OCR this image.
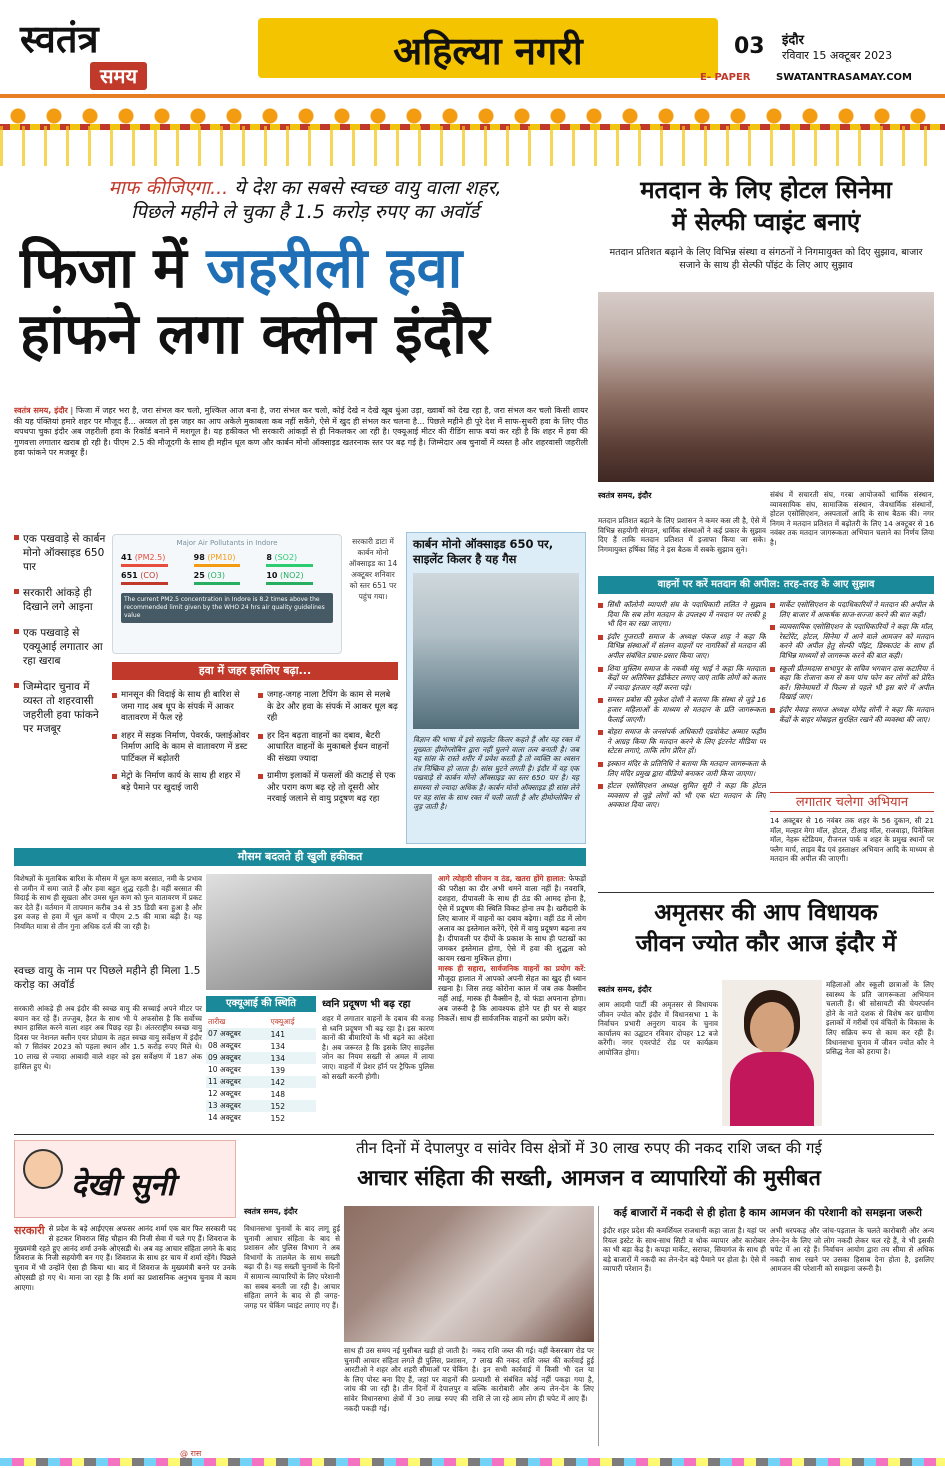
स्वतंत्र
समय
अहिल्या नगरी	03 इंदौर
रविवार 15 अक्टूबर 2023
E- PAPER	SWATANTRASAMAY.COM
माफ कीजिएगा... ये देश का सबसे स्वच्छ वायु वाला शहर,
पिछले महीने ले चुका है 1.5 करोड़ रुपए का अवॉर्ड
फिजा में जहरीली हवा
हांफने लगा क्लीन इंदौर
स्वतंत्र समय, इंदौर | फिजा में जहर भरा है, जरा संभल कर चलो, मुश्किल आज बना है, जरा संभल कर चलो, कोई देखे न देखे खूब धुंआ उड़ा, ख्वाबों को देख रहा है, जरा संभल कर चलो किसी शायर की यह पंक्तियां हमारे शहर पर मौजूद हैं... अव्वल तो इस जहर का आप अकेले मुकाबला कब नहीं सकेंगे, ऐसे में खुद ही संभल कर चलना है... पिछले महीने ही पूरे देश में साफ-सुथरी हवा के लिए पीठ थपथपा चुका इंदौर अब जहरीली हवा के रिकॉर्ड बनाने में मशगूल है। यह हकीकत भी सरकारी आंकड़ों से ही निकलकर आ रही है। एक्यूआई मीटर की रीडिंग साफ बयां कर रही है कि शहर में हवा की गुणवत्ता लगातार खराब हो रही है। पीएम 2.5 की मौजूदगी के साथ ही महीन धूल कण और कार्बन मोनो ऑक्साइड खतरनाक स्तर पर बढ़ गई है। जिम्मेदार अब चुनावों में व्यस्त है और शहरवासी जहरीली हवा फांकने पर मजबूर हैं।
एक पखवाड़े से कार्बन मोनो ऑक्साइड 650 पार
सरकारी आंकड़े ही दिखाने लगे आइना
एक पखवाड़े से एक्यूआई लगातार आ रहा खराब
जिम्मेदार चुनाव में व्यस्त तो शहरवासी जहरीली हवा फांकने पर मजबूर
Major Air Pollutants in Indore
41 (PM2.5)	98 (PM10)	8 (SO2)
651 (CO)	25 (O3)	10 (NO2)
The current PM2.5 concentration in Indore is 8.2 times above the recommended limit given by the WHO 24 hrs air quality guidelines value
सरकारी डाटा में कार्बन मोनो ऑक्साइड का 14 अक्टूबर शनिवार को स्तर 651 पर पहुंच गया।
कार्बन मोनो ऑक्साइड 650 पर, साइलेंट किलर है यह गैस
विज्ञान की भाषा में इसे साइलेंट किलर कहते हैं और यह रक्त में मुख्यतः हीमोग्लोबिन द्वारा नहीं घुलने वाला तत्व बनाती है। जब यह सांस के रास्ते शरीर में प्रवेश करती है तो व्यक्ति का श्वसन तंत्र निष्क्रिय हो जाता है। सांस घुटने लगती है। इंदौर में यह एक पखवाड़े से कार्बन मोनो ऑक्साइड का स्तर 650 पार है। यह समस्या से ज्यादा अधिक है। कार्बन मोनो ऑक्साइड ही सांस लेने पर वह सांस के साथ रक्त में चली जाती है और हीमोग्लोबिन से जुड़ जाती है।
हवा में जहर इसलिए बढ़ा...
मानसून की विदाई के साथ ही बारिश से जमा गाद अब धूप के संपर्क में आकर वातावरण में फैल रहे
शहर में सड़क निर्माण, पेवरर्क, फ्लाईओवर निर्माण आदि के काम से वातावरण में डस्ट पार्टिकल में बढ़ोतरी
मेट्रो के निर्माण कार्य के साथ ही शहर में बड़े पैमाने पर खुदाई जारी
जगह-जगह नाला टैपिंग के काम से मलबे के ढेर और हवा के संपर्क में आकर धूल बढ़ रही
हर दिन बढ़ता वाहनों का दबाव, बैटरी आधारित वाहनों के मुकाबले ईंधन वाहनों की संख्या ज्यादा
ग्रामीण इलाकों में फसलों की कटाई से एक और पराग कण बढ़ रहे तो दूसरी ओर नरवाई जलाने से वायु प्रदूषण बढ़ रहा
मौसम बदलते ही खुली हकीकत
विशेषज्ञों के मुताबिक बारिश के मौसम में धूल कण बरसात, नमी के प्रभाव से जमीन में समा जाते हैं और हवा बहुत शुद्ध रहती है। वहीं बरसात की विदाई के साथ ही सूखता और उमस धूल कण को फुन वातावरण में प्रकट कर देते हैं। वर्तमान में तापमान करीब 34 से 35 डिग्री बना हुआ है और इस वजह से हवा में धूल कणों व पीएम 2.5 की मात्रा बढ़ी है। यह नियमित मात्रा से तीन गुना अधिक दर्ज की जा रही है।
स्वच्छ वायु के नाम पर पिछले महीने ही मिला 1.5 करोड़ का अवॉर्ड
सरकारी आंकड़े ही अब इंदौर की स्वच्छ वायु की सच्चाई अपने मीटर पर बयान कर रहे हैं। तज्जुब, हैरत के साथ भी ये अफसोस है कि सर्वोच्च स्थान हासिल करने वाला शहर अब पिछड़ रहा है। अंतरराष्ट्रीय स्वच्छ वायु दिवस पर नेशनल क्लीन एयर प्रोग्राम के तहत स्वच्छ वायु सर्वेक्षण में इंदौर को 7 सितंबर 2023 को पहला स्थान और 1.5 करोड़ रुपए मिले थे। 10 लाख से ज्यादा आबादी वाले शहर को इस सर्वेक्षण में 187 अंक हासिल हुए थे।
आगे त्योहारी सीजन व ठंड, खतरा होंगे हालात: फेफड़ों की परीक्षा का दौर अभी थमने वाला नहीं है। नवरात्रि, दशहरा, दीपावली के साथ ही ठंड की आमद होना है, ऐसे में प्रदूषण की स्थिति विकट होना तय है। खरीदारी के लिए बाजार में वाहनों का दबाव बढ़ेगा। वहीं ठंड में लोग अलाव का इस्तेमाल करेंगे, ऐसे में वायु प्रदूषण बढ़ना तय है। दीपावली पर दीयों के प्रकाश के साथ ही पटाखों का जमकर इस्तेमाल होगा, ऐसे में हवा की शुद्धता को कायम रखना मुश्किल होगा।
मास्क ही सहारा, सार्वजनिक वाहनों का प्रयोग करें: मौजूदा हालात में आपको अपनी सेहत का खुद ही ध्यान रखना है। जिस तरह कोरोना काल में जब तक वैक्सीन नहीं आई, मास्क ही वैक्सीन है, वो फंडा अपनाना होगा। अब जरूरी है कि आवश्यक होने पर ही घर से बाहर निकलें। साथ ही सार्वजनिक वाहनों का प्रयोग करें।
एक्यूआई की स्थिति
तारीख	एक्यूआई
07 अक्टूबर	141
08 अक्टूबर	134
09 अक्टूबर	134
10 अक्टूबर	139
11 अक्टूबर	142
12 अक्टूबर	148
13 अक्टूबर	152
14 अक्टूबर	152
ध्वनि प्रदूषण भी बढ़ रहा
शहर में लगातार वाहनों के दबाव की वजह से ध्वनि प्रदूषण भी बढ़ रहा है। इस कारण कानों की बीमारियों के भी बढ़ने का अंदेशा है। अब जरूरत है कि इसके लिए साइलेंस जोन का नियम सख्ती से अमल में लाया जाए। वाहनों में प्रेशर हॉर्न पर ट्रैफिक पुलिस को सख्ती करनी होगी।
मतदान के लिए होटल सिनेमा
में सेल्फी प्वाइंट बनाएं
मतदान प्रतिशत बढ़ाने के लिए विभिन्न संस्था व संगठनों ने निगमायुक्त को दिए सुझाव, बाजार सजाने के साथ ही सेल्फी पॉइंट के लिए आए सुझाव
स्वतंत्र समय, इंदौर
मतदान प्रतिशत बढ़ाने के लिए प्रशासन ने कमर कस ली है, ऐसे में विभिन्न सहयोगी संगठन, धार्मिक संस्थाओं ने कई प्रकार के सुझाव दिए हैं ताकि मतदान प्रतिशत में इजाफा किया जा सके। निगमायुक्त हर्षिका सिंह ने इस बैठक में सबके सुझाव सुने।
संबंध में सचारती संघ, गरबा आयोजकों धार्मिक संस्थान, व्यावसायिक संघ, सामाजिक संस्थान, जैवधार्मिक संस्थानों, होटल एसोसिएशन, अस्पतालों आदि के साथ बैठक की। नगर निगम ने मतदान प्रतिशत में बढ़ोतरी के लिए 14 अक्टूबर से 16 नवंबर तक मतदान जागरूकता अभियान चलाने का निर्णय लिया है।
वाहनों पर करें मतदान की अपील: तरह-तरह के आए सुझाव
सिंधी कॉलोनी व्यापारी संघ के पदाधिकारी ललित ने सुझाव दिया कि सब लोग मतदान के उपलक्ष्य में नवदान पर तरकी हूं भी दिन का रखा जाएगा।
इंदौर गुजराती समाज के अध्यक्ष पंकज शाह ने कहा कि विभिन्न संस्थाओं में संलग्न वाहनों पर नागरिकों से मतदान की अपील संबंधित प्रचार-प्रसार किया जाए।
शिया मुस्लिम समाज के नकवी मंसू भाई ने कहा कि मतदाता केंद्रों पर अतिरिक्त इंडीकेटर लगाए जाएं ताकि लोगों को कतार में ज्यादा इंतजार नहीं करना पड़े।
समस्त प्रबोस की मुकेश दोशी ने बताया कि संस्था से जुड़े 16 हजार महिलाओं के माध्यम से मतदान के प्रति जागरूकता फैलाई जाएगी।
बोहरा समाज के जनसंपर्क अधिकारी एडवोकेट अम्मार फहीम ने आग्रह किया कि मतदान करने के लिए इंटरनेट मीडिया पर स्टेटस लगाएं, ताकि लोग प्रेरित हों।
इस्कान मंदिर के प्रतिनिधि ने बताया कि मतदान जागरूकता के लिए मंदिर प्रमुख द्वारा वीडियो बनाकर जारी किया जाएगा।
होटल एसोसिएशन अध्यक्ष सुमित सूरी ने कहा कि होटल व्यवसाय से जुड़े लोगों को भी एक घंटा मतदान के लिए अवकाश दिया जाए।
मार्केट एसोसिएशन के पदाधिकारियों ने मतदान की अपील के लिए बाजार में आकर्षक साज-सज्जा करने की बात कही।
व्यावसायिक एसोसिएशन के पदाधिकारियों ने कहा कि मॉल, रेस्टोरेंट, होटल, सिनेमा में आने वाले आमजन को मतदान करने की अपील हेतु सेल्फी पॉइंट, डिस्काउंट के साथ ही विभिन्न माध्यमों से जागरूक करने की बात कही।
स्कूली प्रीतमदास सभापुर के सचिव भगवान दास कटारिया ने कहा कि रोजाना कम से कम पांच फोन कर लोगों को प्रेरित करें। सिनेमाघरों में फिल्म से पहले भी इस बारे में अपील दिखाई जाए।
इंदौर मेवाड़ समाज अध्यक्ष योगेंद्र सोनी ने कहा कि मतदान केंद्रों के बाहर मोबाइल सुरक्षित रखने की व्यवस्था की जाए।
लगातार चलेगा अभियान
14 अक्टूबर से 16 नवंबर तक शहर के 56 दुकान, सी 21 मॉल, मल्हार मेगा मॉल, होटल, टीआइ मॉल, राजवाड़ा, पिनेकिस मॉल, नेहरू स्टेडियम, रीजनल पार्क व शहर के प्रमुख स्थानों पर फ्लैग मार्च, लाइव बैंड एवं हस्ताक्षर अभियान आदि के माध्यम से मतदान की अपील की जाएगी।
अमृतसर की आप विधायक
जीवन ज्योत कौर आज इंदौर में
स्वतंत्र समय, इंदौर
आम आदमी पार्टी की अमृतसर से विधायक जीवन ज्योत कौर इंदौर में विधानसभा 1 के निर्वाचन प्रभारी अनुराग यादव के चुनाव कार्यालय का उद्घाटन रविवार दोपहर 12 बजे करेंगी। नगर एयरपोर्ट रोड पर कार्यक्रम आयोजित होगा।
महिलाओं और स्कूली छात्राओं के लिए स्वास्थ्य के प्रति जागरूकता अभियान चलाती हैं। श्री सोसायटी की चेयरपर्सन होने के नाते दशक से विशेष कर ग्रामीण इलाकों में गरीबों एवं वंचितों के विकास के लिए सक्रिय रूप से काम कर रही हैं। विधानसभा चुनाव में जीवन ज्योत कौर ने प्रसिद्ध नेता को हराया है।
देखी सुनी
सरकारी से प्रदेश के बड़े आईएएस अफसर आनंद शर्मा एक बार फिर सरकारी पद से हटकर शिवराज सिंह चौहान की निजी सेवा में चले गए हैं। शिवराज के मुख्यमंत्री रहते हुए आनंद शर्मा उनके ओएसडी थे। अब वह आचार संहिता लगने के बाद शिवराज के निजी सहयोगी बन गए हैं। शिवराज के साथ हर चाय में शर्मा रहेंगे। पिछले चुनाव में भी उन्होंने ऐसा ही किया था। बाद में शिवराज के मुख्यमंत्री बनने पर उनके ओएसडी हो गए थे। माना जा रहा है कि शर्मा का प्रशासनिक अनुभव चुनाव में काम आएगा।
@ रास
तीन दिनों में देपालपुर व सांवेर विस क्षेत्रों में 30 लाख रुपए की नकद राशि जब्त की गई
आचार संहिता की सख्ती, आमजन व व्यापारियों की मुसीबत
स्वतंत्र समय, इंदौर
विधानसभा चुनावों के बाद लागू हुई चुनावी आचार संहिता के बाद से प्रशासन और पुलिस विभाग ने अब विभागों के तालमेल के साथ सख्ती बढ़ा दी है। यह सख्ती चुनावों के दिनों में सामान्य व्यापारियों के लिए परेशानी का सबब बनती जा रही है। आचार संहिता लगने के बाद से ही जगह-जगह पर चेकिंग प्वाइंट लगाए गए हैं।
साथ ही उस समय नई मुसीबत खड़ी हो जाती है। चुनावी आचार संहिता लगते ही पुलिस, प्रशासन, आरटीओ ने शहर और शहरी सीमाओं पर चेकिंग के लिए पोस्ट बना दिए हैं, जहां पर वाहनों की जांच की जा रही है। तीन दिनों में देपालपुर व सांवेर विधानसभा क्षेत्रों में 30 लाख रुपए की नकदी पकड़ी गई।
नकद राशि जब्त की गई। वहीं केसरबाग रोड पर 7 लाख की नकद राशि जब्त की कार्रवाई हुई है। इन सभी कार्रवाई में किसी भी दल या प्रत्याशी से संबंधित कोई नहीं पकड़ा गया है, बल्कि कारोबारी और अन्य लेन-देन के लिए राशि ले जा रहे आम लोग ही चपेट में आए हैं।
कई बाजारों में नकदी से ही होता है काम
इंदौर शहर प्रदेश की कमर्शियल राजधानी कहा जाता है। यहां पर रियल इस्टेट के साथ-साथ सिटी व थोक व्यापार और कारोबार का भी बड़ा केंद्र है। कपड़ा मार्केट, सराफा, सियागंज के साथ ही बड़े बाजारों में नकदी का लेन-देन बड़े पैमाने पर होता है। ऐसे में व्यापारी परेशान हैं।
आमजन की परेशानी को समझना जरूरी
अभी धरपकड़ और जांच-पड़ताल के चलते कारोबारी और अन्य लेन-देन के लिए जो लोग नकदी लेकर चल रहे हैं, वे भी इसकी चपेट में आ रहे हैं। निर्वाचन आयोग द्वारा तय सीमा से अधिक नकदी साथ रखने पर उसका हिसाब देना होता है, इसलिए आमजन की परेशानी को समझना जरूरी है।
